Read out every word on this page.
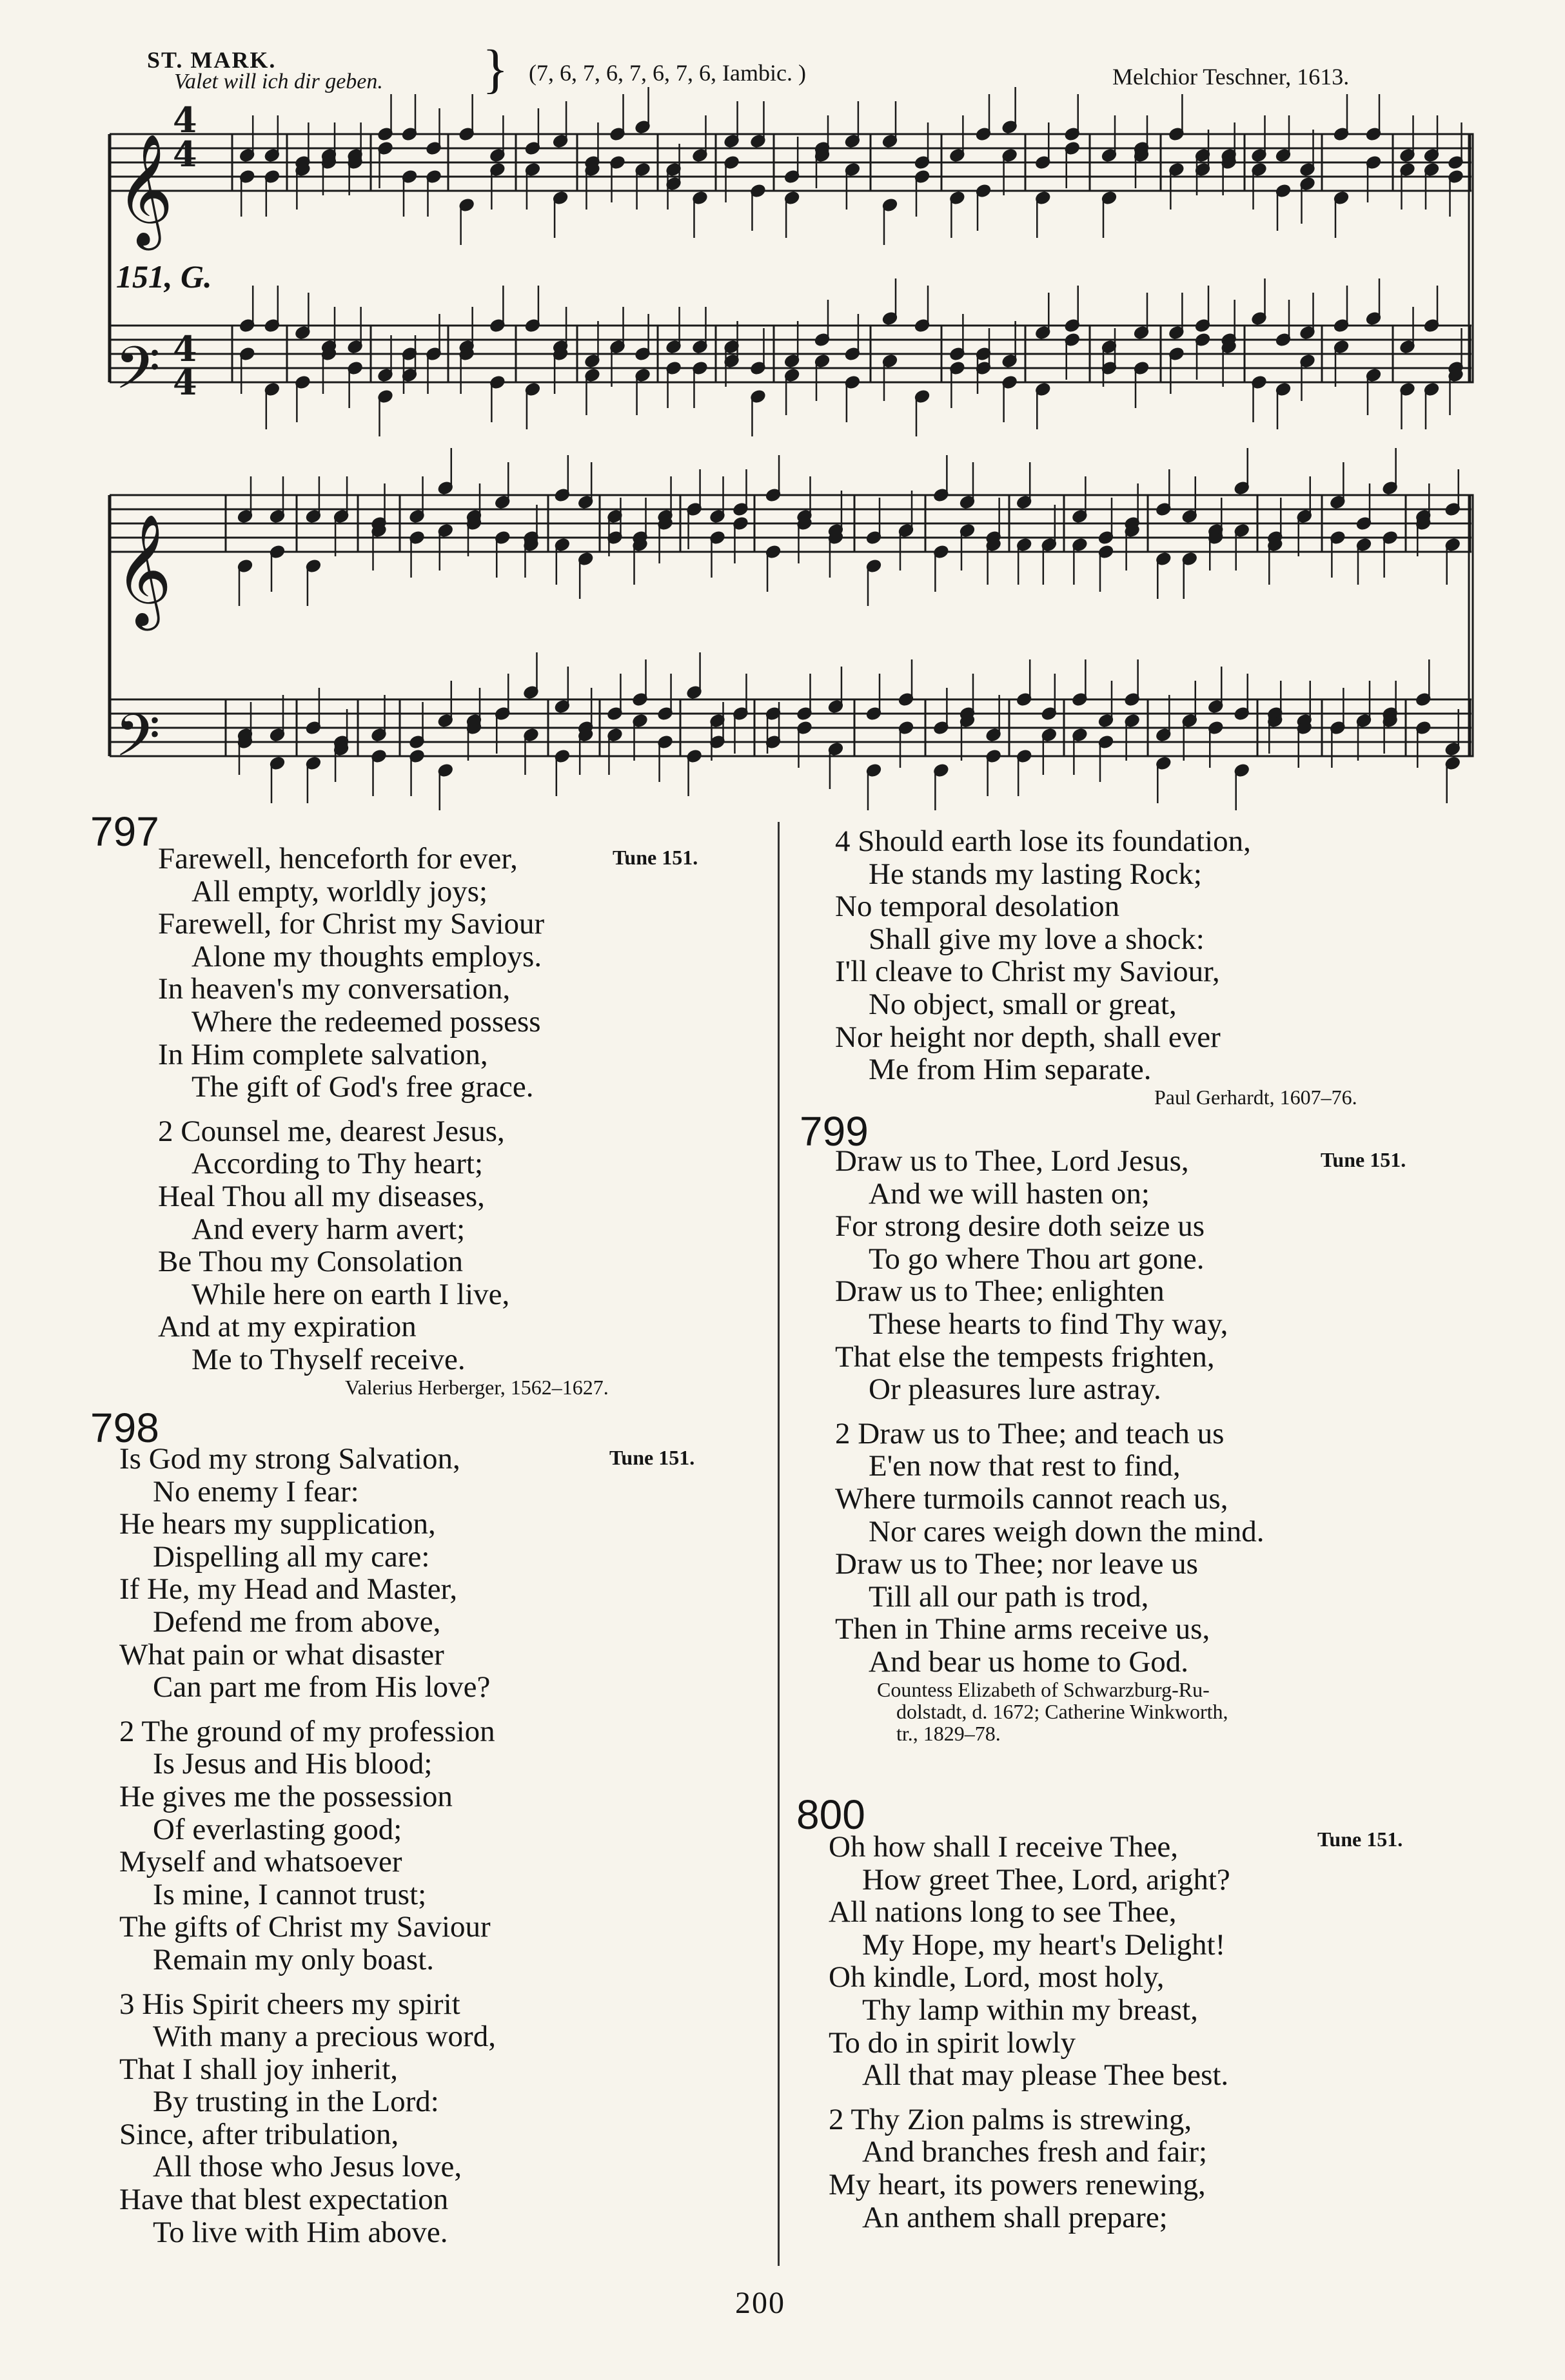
ST. MARK.
Valet will ich dir geben. } (7, 6, 7, 6, 7, 6, 7, 6, Iambic. )	Melchior Teschner, 1613.
151, G.
𝄞
𝄢
𝄞
𝄢
4
4
4
4
797
Tune 151.
Farewell, henceforth for ever,
All empty, worldly joys;
Farewell, for Christ my Saviour
Alone my thoughts employs.
In heaven's my conversation,
Where the redeemed possess
In Him complete salvation,
The gift of God's free grace.
2 Counsel me, dearest Jesus,
According to Thy heart;
Heal Thou all my diseases,
And every harm avert;
Be Thou my Consolation
While here on earth I live,
And at my expiration
Me to Thyself receive.
Valerius Herberger, 1562–1627.
798
Tune 151.
Is God my strong Salvation,
No enemy I fear:
He hears my supplication,
Dispelling all my care:
If He, my Head and Master,
Defend me from above,
What pain or what disaster
Can part me from His love?
2 The ground of my profession
Is Jesus and His blood;
He gives me the possession
Of everlasting good;
Myself and whatsoever
Is mine, I cannot trust;
The gifts of Christ my Saviour
Remain my only boast.
3 His Spirit cheers my spirit
With many a precious word,
That I shall joy inherit,
By trusting in the Lord:
Since, after tribulation,
All those who Jesus love,
Have that blest expectation
To live with Him above.
4 Should earth lose its foundation,
He stands my lasting Rock;
No temporal desolation
Shall give my love a shock:
I'll cleave to Christ my Saviour,
No object, small or great,
Nor height nor depth, shall ever
Me from Him separate.
Paul Gerhardt, 1607–76.
799
Tune 151.
Draw us to Thee, Lord Jesus,
And we will hasten on;
For strong desire doth seize us
To go where Thou art gone.
Draw us to Thee; enlighten
These hearts to find Thy way,
That else the tempests frighten,
Or pleasures lure astray.
2 Draw us to Thee; and teach us
E'en now that rest to find,
Where turmoils cannot reach us,
Nor cares weigh down the mind.
Draw us to Thee; nor leave us
Till all our path is trod,
Then in Thine arms receive us,
And bear us home to God.
Countess Elizabeth of Schwarzburg-Ru-
dolstadt, d. 1672; Catherine Winkworth,
tr., 1829–78.
800
Tune 151.
Oh how shall I receive Thee,
How greet Thee, Lord, aright?
All nations long to see Thee,
My Hope, my heart's Delight!
Oh kindle, Lord, most holy,
Thy lamp within my breast,
To do in spirit lowly
All that may please Thee best.
2 Thy Zion palms is strewing,
And branches fresh and fair;
My heart, its powers renewing,
An anthem shall prepare;
200
